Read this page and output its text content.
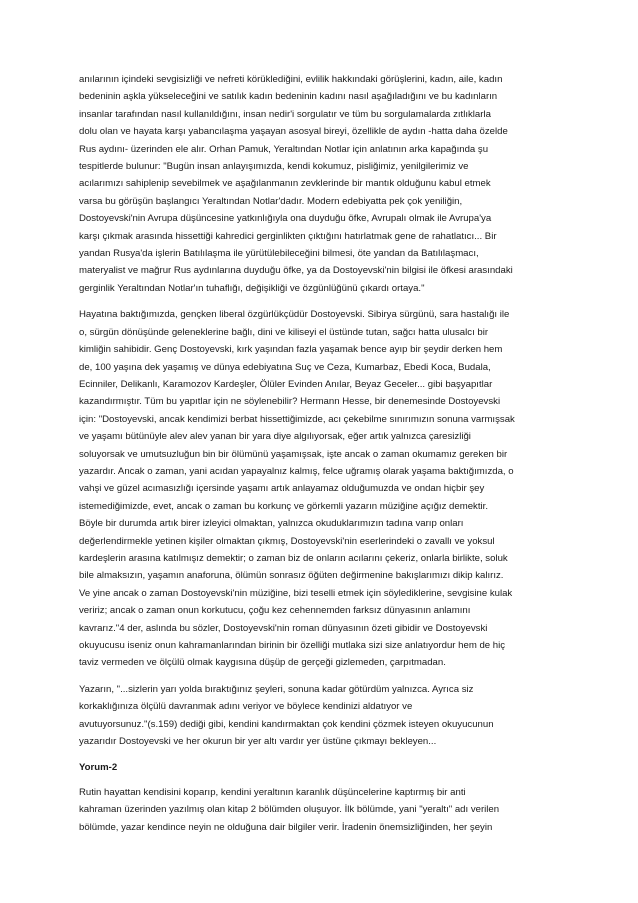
anılarının içindeki sevgisizliği ve nefreti körüklediğini, evlilik hakkındaki görüşlerini, kadın, aile, kadın
bedeninin aşkla yükseleceğini ve satılık kadın bedeninin kadını nasıl aşağıladığını ve bu kadınların
insanlar tarafından nasıl kullanıldığını, insan nedir'i sorgulatır ve tüm bu sorgulamalarda zıtlıklarla
dolu olan ve hayata karşı yabancılaşma yaşayan asosyal bireyi, özellikle de aydın -hatta daha özelde
Rus aydını- üzerinden ele alır. Orhan Pamuk, Yeraltından Notlar için anlatının arka kapağında şu
tespitlerde bulunur: "Bugün insan anlayışımızda, kendi kokumuz, pisliğimiz, yenilgilerimiz ve
acılarımızı sahiplenip sevebilmek ve aşağılanmanın zevklerinde bir mantık olduğunu kabul etmek
varsa bu görüşün başlangıcı Yeraltından Notlar'dadır. Modern edebiyatta pek çok yeniliğin,
Dostoyevski'nin Avrupa düşüncesine yatkınlığıyla ona duyduğu öfke, Avrupalı olmak ile Avrupa'ya
karşı çıkmak arasında hissettiği kahredici gerginlikten çıktığını hatırlatmak gene de rahatlatıcı... Bir
yandan Rusya'da işlerin Batılılaşma ile yürütülebileceğini bilmesi, öte yandan da Batılılaşmacı,
materyalist ve mağrur Rus aydınlarına duyduğu öfke, ya da Dostoyevski'nin bilgisi ile öfkesi arasındaki
gerginlik Yeraltından Notlar'ın tuhaflığı, değişikliği ve özgünlüğünü çıkardı ortaya."
Hayatına baktığımızda, gençken liberal özgürlükçüdür Dostoyevski. Sibirya sürgünü, sara hastalığı ile
o, sürgün dönüşünde geleneklerine bağlı, dini ve kiliseyi el üstünde tutan, sağcı hatta ulusalcı bir
kimliğin sahibidir. Genç Dostoyevski, kırk yaşından fazla yaşamak bence ayıp bir şeydir derken hem
de, 100 yaşına dek yaşamış ve dünya edebiyatına Suç ve Ceza, Kumarbaz, Ebedi Koca, Budala,
Ecinniler, Delikanlı, Karamozov Kardeşler, Ölüler Evinden Anılar, Beyaz Geceler... gibi başyapıtlar
kazandırmıştır. Tüm bu yapıtlar için ne söylenebilir? Hermann Hesse, bir denemesinde Dostoyevski
için: "Dostoyevski, ancak kendimizi berbat hissettiğimizde, acı çekebilme sınırımızın sonuna varmışsak
ve yaşamı bütünüyle alev alev yanan bir yara diye algılıyorsak, eğer artık yalnızca çaresizliği
soluyorsak ve umutsuzluğun bin bir ölümünü yaşamışsak, işte ancak o zaman okumamız gereken bir
yazardır. Ancak o zaman, yani acıdan yapayalnız kalmış, felce uğramış olarak yaşama baktığımızda, o
vahşi ve güzel acımasızlığı içersinde yaşamı artık anlayamaz olduğumuzda ve ondan hiçbir şey
istemediğimizde, evet, ancak o zaman bu korkunç ve görkemli yazarın müziğine açığız demektir.
Böyle bir durumda artık birer izleyici olmaktan, yalnızca okuduklarımızın tadına varıp onları
değerlendirmekle yetinen kişiler olmaktan çıkmış, Dostoyevski'nin eserlerindeki o zavallı ve yoksul
kardeşlerin arasına katılmışız demektir; o zaman biz de onların acılarını çekeriz, onlarla birlikte, soluk
bile almaksızın, yaşamın anaforuna, ölümün sonrasız öğüten değirmenine bakışlarımızı dikip kalırız.
Ve yine ancak o zaman Dostoyevski'nin müziğine, bizi teselli etmek için söylediklerine, sevgisine kulak
veririz; ancak o zaman onun korkutucu, çoğu kez cehennemden farksız dünyasının anlamını
kavrarız."4 der, aslında bu sözler, Dostoyevski'nin roman dünyasının özeti gibidir ve Dostoyevski
okuyucusu iseniz onun kahramanlarından birinin bir özelliği mutlaka sizi size anlatıyordur hem de hiç
taviz vermeden ve ölçülü olmak kaygısına düşüp de gerçeği gizlemeden, çarpıtmadan.
Yazarın, "...sizlerin yarı yolda bıraktığınız şeyleri, sonuna kadar götürdüm yalnızca. Ayrıca siz
korkaklığınıza ölçülü davranmak adını veriyor ve böylece kendinizi aldatıyor ve
avutuyorsunuz."(s.159) dediği gibi, kendini kandırmaktan çok kendini çözmek isteyen okuyucunun
yazarıdır Dostoyevski ve her okurun bir yer altı vardır yer üstüne çıkmayı bekleyen...
Yorum-2
Rutin hayattan kendisini koparıp, kendini yeraltının karanlık düşüncelerine kaptırmış bir anti
kahraman üzerinden yazılmış olan kitap 2 bölümden oluşuyor. İlk bölümde, yani "yeraltı" adı verilen
bölümde, yazar kendince neyin ne olduğuna dair bilgiler verir. İradenin önemsizliğinden, her şeyin
